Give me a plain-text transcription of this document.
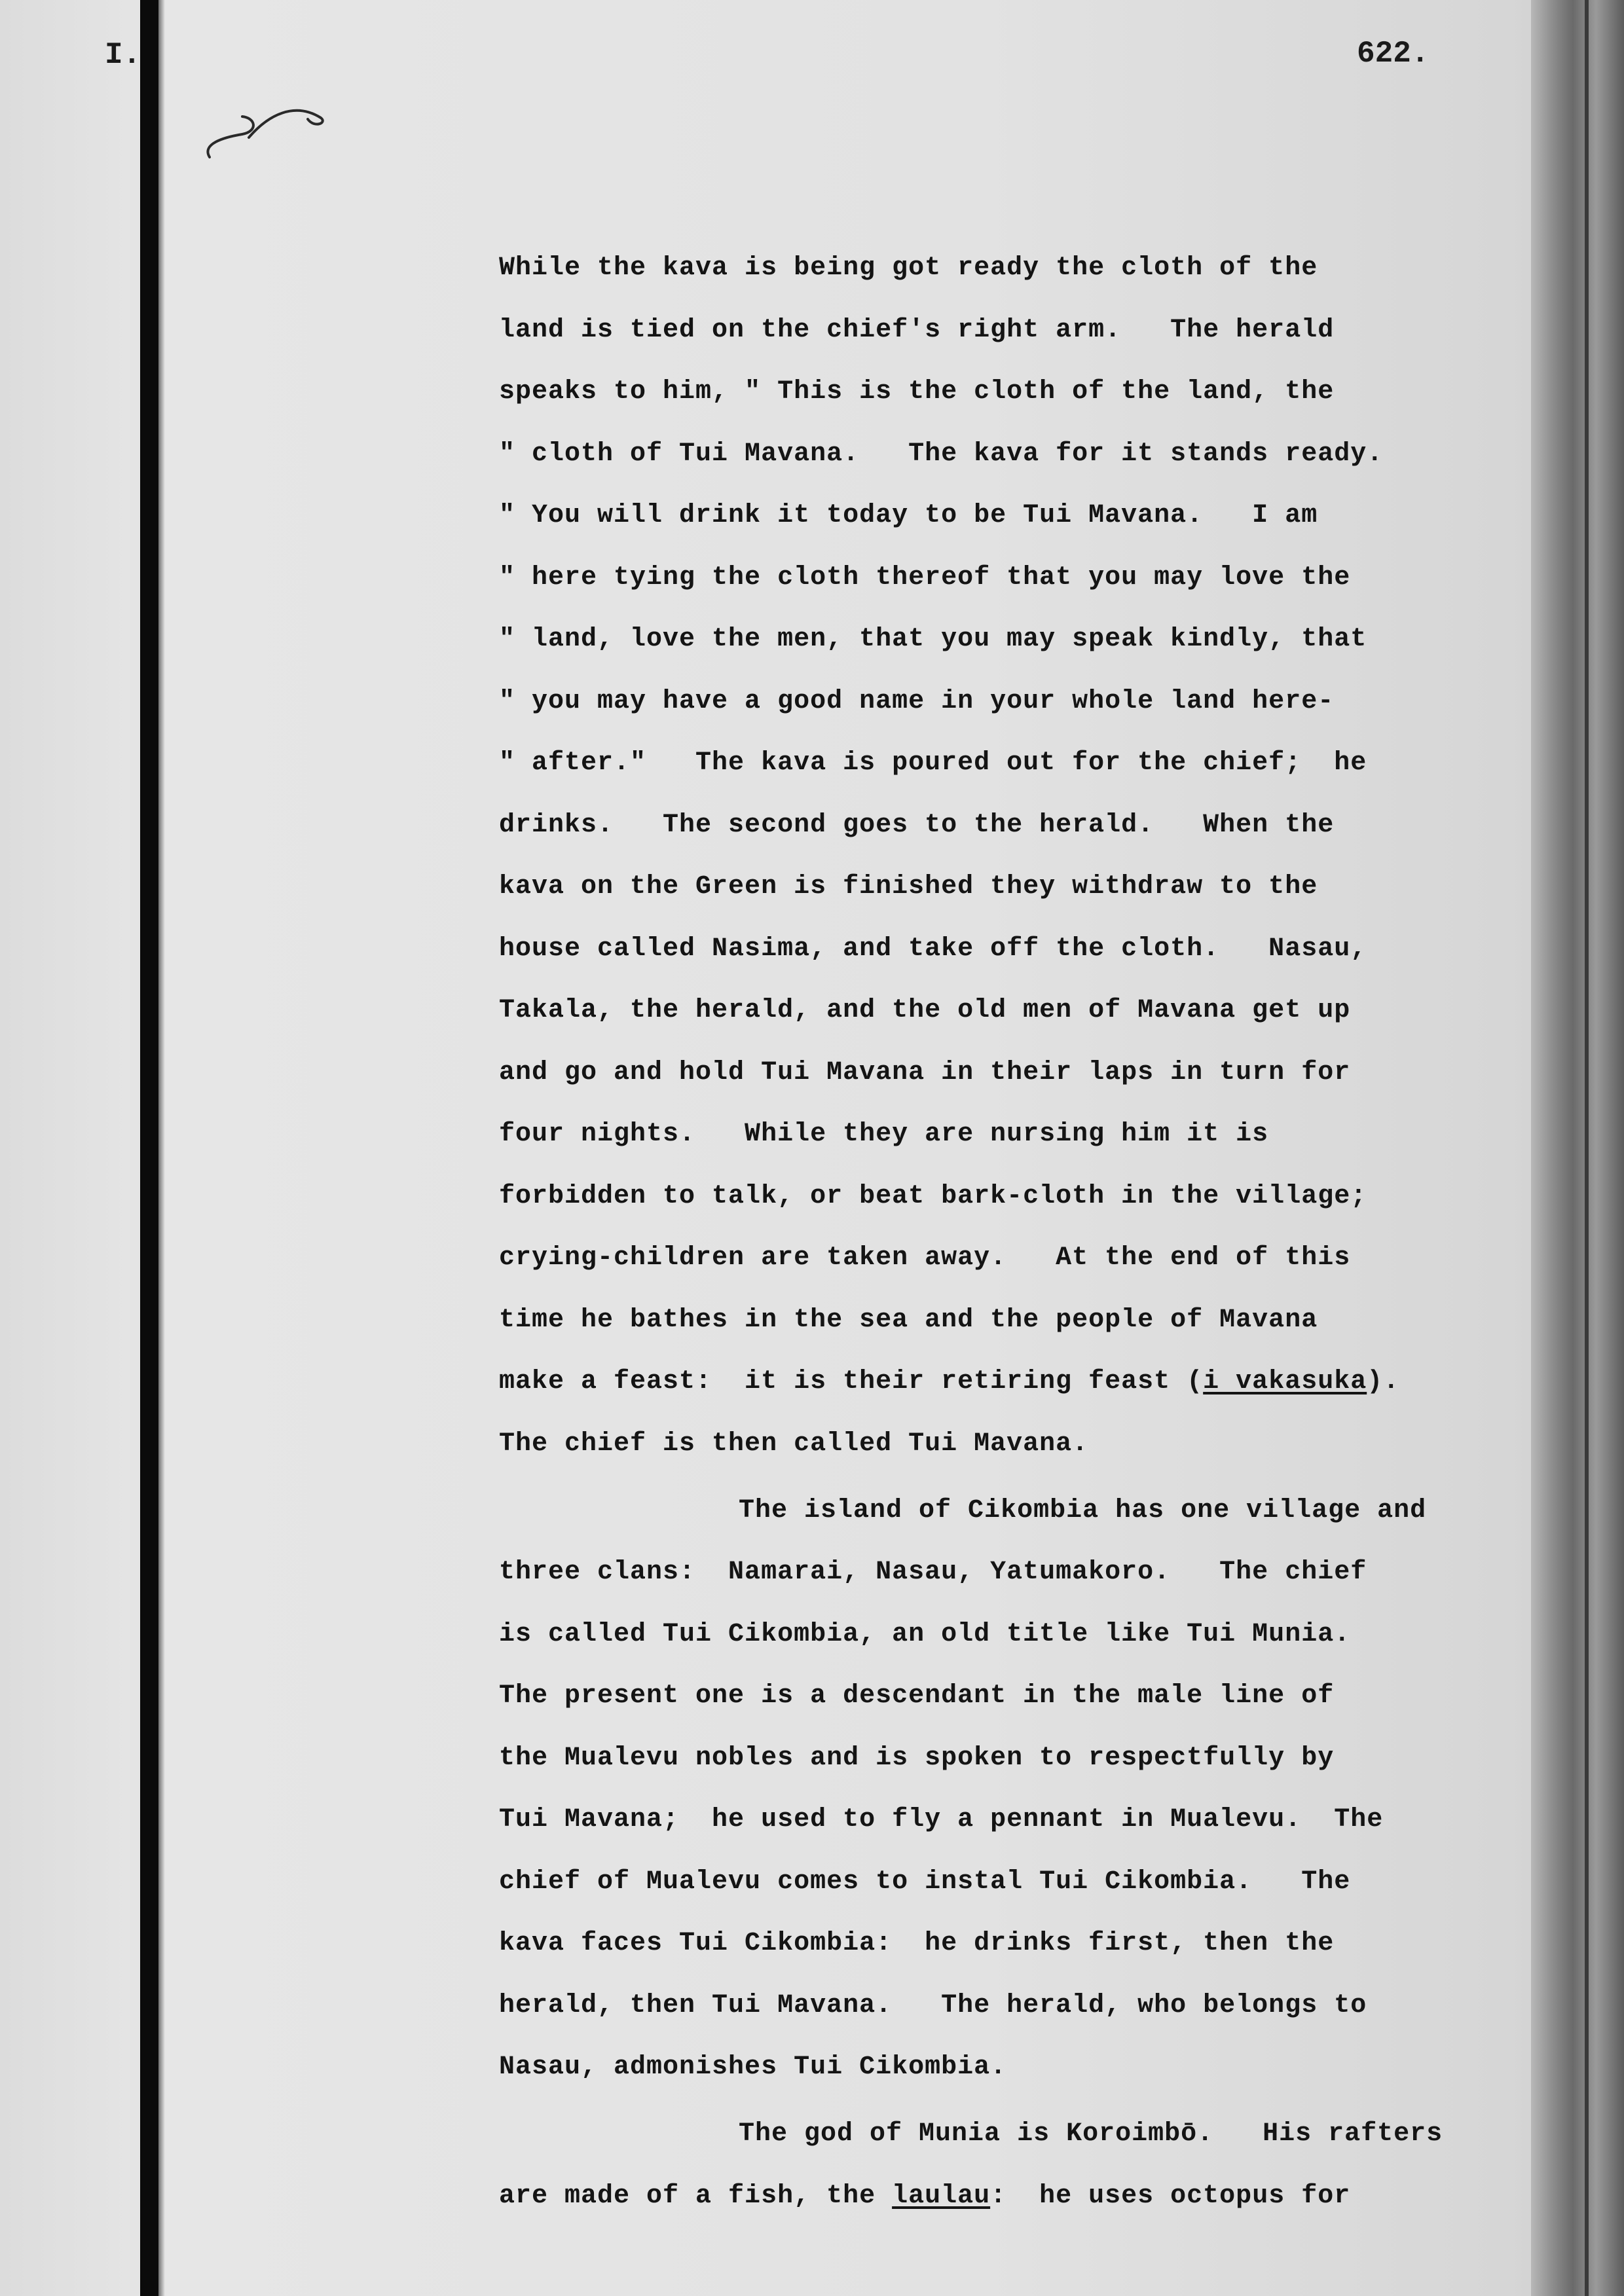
I.	622.
While the kava is being got ready the cloth of the
land is tied on the chief's right arm.   The herald
speaks to him, " This is the cloth of the land, the
" cloth of Tui Mavana.   The kava for it stands ready.
" You will drink it today to be Tui Mavana.   I am
" here tying the cloth thereof that you may love the
" land, love the men, that you may speak kindly, that
" you may have a good name in your whole land here-
" after."   The kava is poured out for the chief;  he
drinks.   The second goes to the herald.   When the
kava on the Green is finished they withdraw to the
house called Nasima, and take off the cloth.   Nasau,
Takala, the herald, and the old men of Mavana get up
and go and hold Tui Mavana in their laps in turn for
four nights.   While they are nursing him it is
forbidden to talk, or beat bark-cloth in the village;
crying-children are taken away.   At the end of this
time he bathes in the sea and the people of Mavana
make a feast:  it is their retiring feast (i vakasuka).
The chief is then called Tui Mavana.
The island of Cikombia has one village and
three clans:  Namarai, Nasau, Yatumakoro.   The chief
is called Tui Cikombia, an old title like Tui Munia.
The present one is a descendant in the male line of
the Mualevu nobles and is spoken to respectfully by
Tui Mavana;  he used to fly a pennant in Mualevu.  The
chief of Mualevu comes to instal Tui Cikombia.   The
kava faces Tui Cikombia:  he drinks first, then the
herald, then Tui Mavana.   The herald, who belongs to
Nasau, admonishes Tui Cikombia.
The god of Munia is Koroimbō.   His rafters
are made of a fish, the laulau:  he uses octopus for
